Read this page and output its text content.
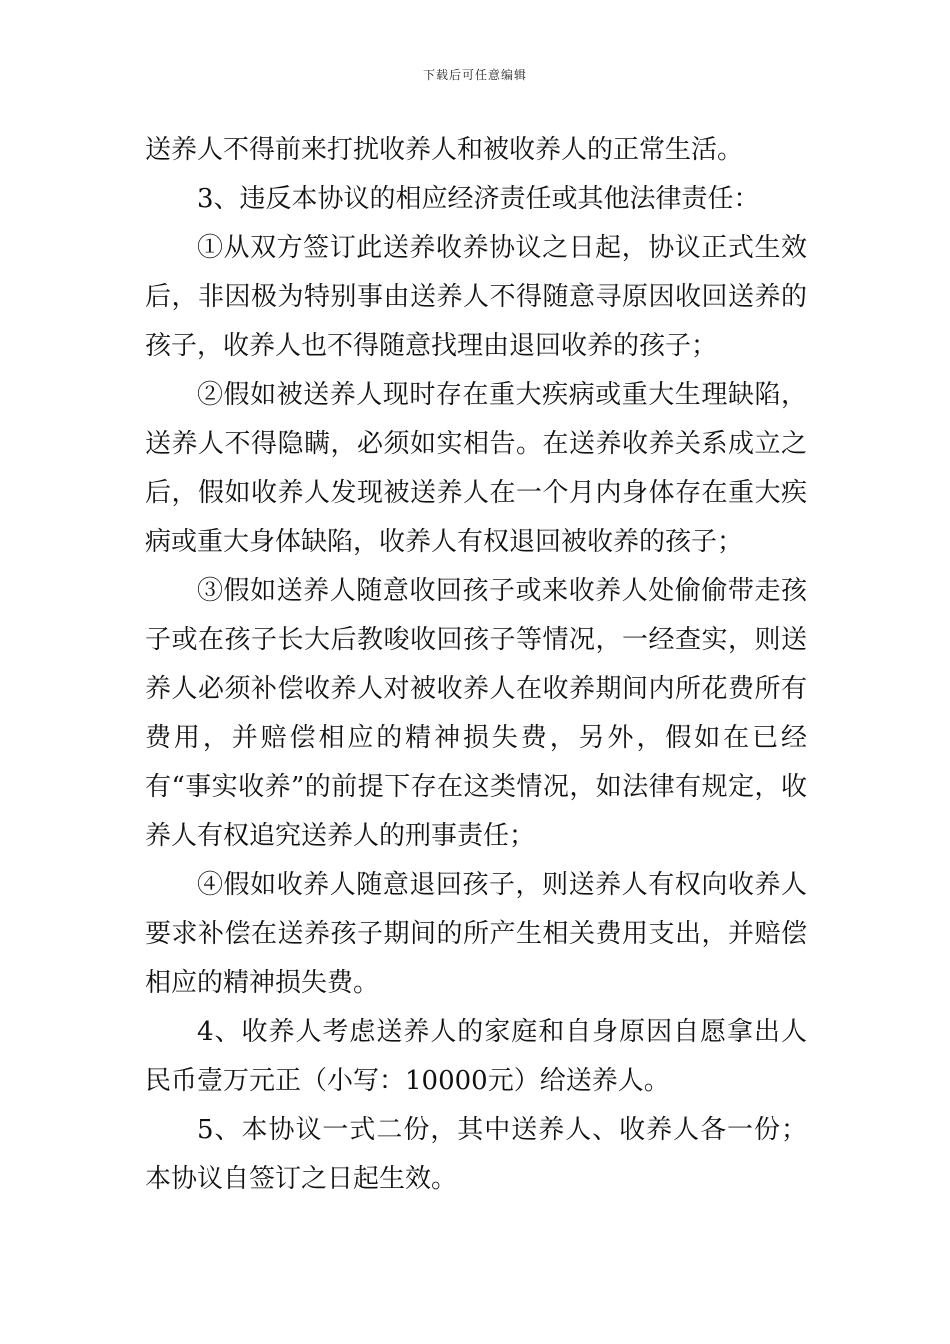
下载后可任意编辑

送养人不得前来打扰收养人和被收养人的正常生活。

3、违反本协议的相应经济责任或其他法律责任：

①从双方签订此送养收养协议之日起，协议正式生效后，非因极为特别事由送养人不得随意寻原因收回送养的孩子，收养人也不得随意找理由退回收养的孩子；

②假如被送养人现时存在重大疾病或重大生理缺陷，送养人不得隐瞒，必须如实相告。在送养收养关系成立之后，假如收养人发现被送养人在一个月内身体存在重大疾病或重大身体缺陷，收养人有权退回被收养的孩子；

③假如送养人随意收回孩子或来收养人处偷偷带走孩子或在孩子长大后教唆收回孩子等情况，一经查实，则送养人必须补偿收养人对被收养人在收养期间内所花费所有费用，并赔偿相应的精神损失费，另外，假如在已经有“事实收养”的前提下存在这类情况，如法律有规定，收养人有权追究送养人的刑事责任；

④假如收养人随意退回孩子，则送养人有权向收养人要求补偿在送养孩子期间的所产生相关费用支出，并赔偿相应的精神损失费。

4、收养人考虑送养人的家庭和自身原因自愿拿出人民币壹万元正（小写：10000元）给送养人。

5、本协议一式二份，其中送养人、收养人各一份；本协议自签订之日起生效。
